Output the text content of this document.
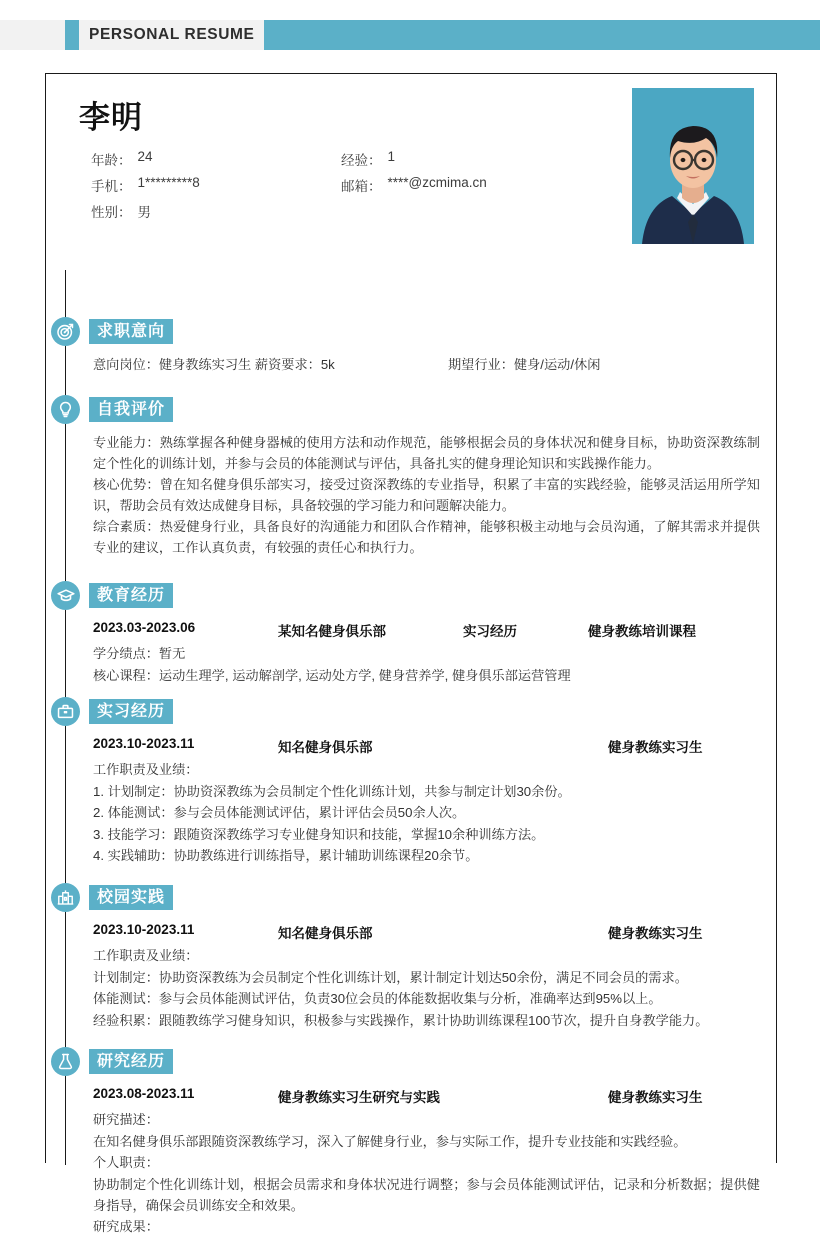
PERSONAL RESUME
李明
年龄： 24	经验： 1
手机： 1*********8	邮箱： ****@zcmima.cn
性别： 男
求职意向
意向岗位：健身教练实习生 薪资要求：5k	期望行业：健身/运动/休闲
自我评价
专业能力：熟练掌握各种健身器械的使用方法和动作规范，能够根据会员的身体状况和健身目标，协助资深教练制定个性化的训练计划，并参与会员的体能测试与评估，具备扎实的健身理论知识和实践操作能力。
核心优势：曾在知名健身俱乐部实习，接受过资深教练的专业指导，积累了丰富的实践经验，能够灵活运用所学知识，帮助会员有效达成健身目标，具备较强的学习能力和问题解决能力。
综合素质：热爱健身行业，具备良好的沟通能力和团队合作精神，能够积极主动地与会员沟通，了解其需求并提供专业的建议，工作认真负责，有较强的责任心和执行力。
教育经历
2023.03-2023.06	某知名健身俱乐部	实习经历	健身教练培训课程
学分绩点：暂无
核心课程：运动生理学, 运动解剖学, 运动处方学, 健身营养学, 健身俱乐部运营管理
实习经历
2023.10-2023.11	知名健身俱乐部	健身教练实习生
工作职责及业绩：
1. 计划制定：协助资深教练为会员制定个性化训练计划，共参与制定计划30余份。
2. 体能测试：参与会员体能测试评估，累计评估会员50余人次。
3. 技能学习：跟随资深教练学习专业健身知识和技能，掌握10余种训练方法。
4. 实践辅助：协助教练进行训练指导，累计辅助训练课程20余节。
校园实践
2023.10-2023.11	知名健身俱乐部	健身教练实习生
工作职责及业绩：
计划制定：协助资深教练为会员制定个性化训练计划，累计制定计划达50余份，满足不同会员的需求。
体能测试：参与会员体能测试评估，负责30位会员的体能数据收集与分析，准确率达到95%以上。
经验积累：跟随教练学习健身知识，积极参与实践操作，累计协助训练课程100节次，提升自身教学能力。
研究经历
2023.08-2023.11	健身教练实习生研究与实践	健身教练实习生
研究描述：
在知名健身俱乐部跟随资深教练学习，深入了解健身行业，参与实际工作，提升专业技能和实践经验。
个人职责：
协助制定个性化训练计划，根据会员需求和身体状况进行调整；参与会员体能测试评估，记录和分析数据；提供健身指导，确保会员训练安全和效果。
研究成果：
